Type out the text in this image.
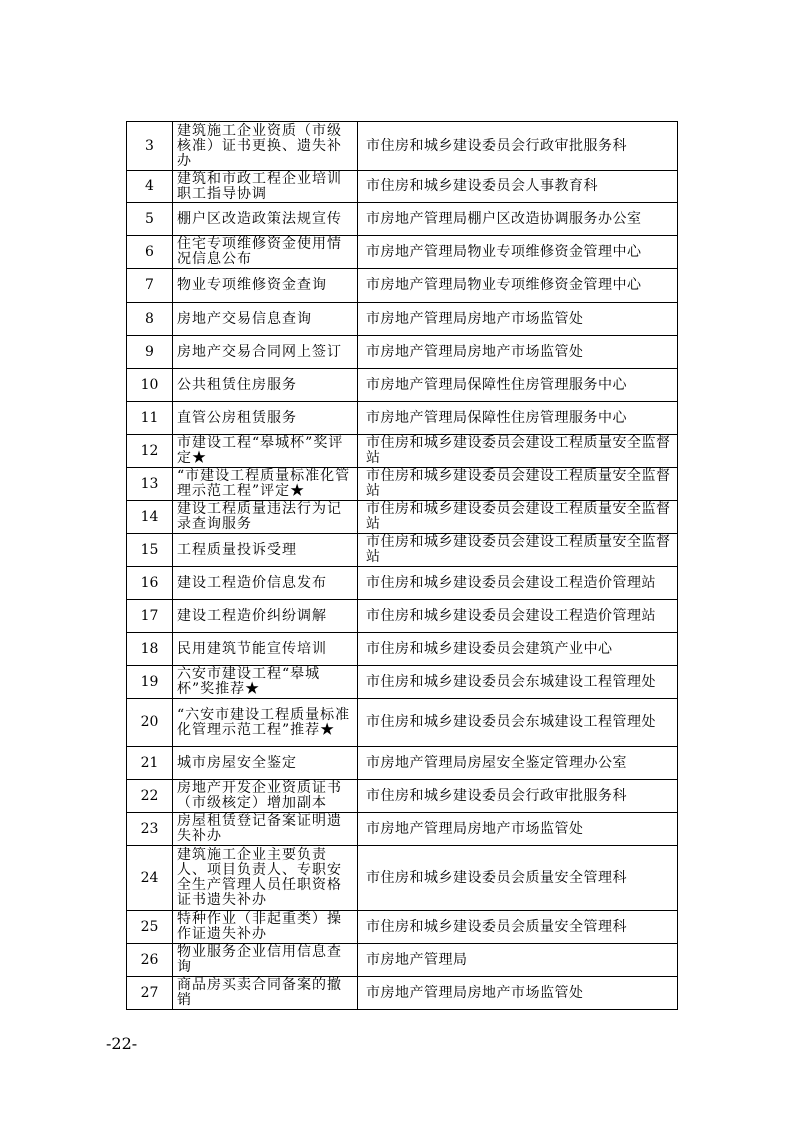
3	建筑施工企业资质（市级核准）证书更换、遗失补办	市住房和城乡建设委员会行政审批服务科
4	建筑和市政工程企业培训职工指导协调	市住房和城乡建设委员会人事教育科
5	棚户区改造政策法规宣传	市房地产管理局棚户区改造协调服务办公室
6	住宅专项维修资金使用情况信息公布	市房地产管理局物业专项维修资金管理中心
7	物业专项维修资金查询	市房地产管理局物业专项维修资金管理中心
8	房地产交易信息查询	市房地产管理局房地产市场监管处
9	房地产交易合同网上签订	市房地产管理局房地产市场监管处
10	公共租赁住房服务	市房地产管理局保障性住房管理服务中心
11	直管公房租赁服务	市房地产管理局保障性住房管理服务中心
12	市建设工程“皋城杯”奖评定★	市住房和城乡建设委员会建设工程质量安全监督站
13	“市建设工程质量标准化管理示范工程”评定★	市住房和城乡建设委员会建设工程质量安全监督站
14	建设工程质量违法行为记录查询服务	市住房和城乡建设委员会建设工程质量安全监督站
15	工程质量投诉受理	市住房和城乡建设委员会建设工程质量安全监督站
16	建设工程造价信息发布	市住房和城乡建设委员会建设工程造价管理站
17	建设工程造价纠纷调解	市住房和城乡建设委员会建设工程造价管理站
18	民用建筑节能宣传培训	市住房和城乡建设委员会建筑产业中心
19	六安市建设工程“皋城杯”奖推荐★	市住房和城乡建设委员会东城建设工程管理处
20	“六安市建设工程质量标准化管理示范工程”推荐★	市住房和城乡建设委员会东城建设工程管理处
21	城市房屋安全鉴定	市房地产管理局房屋安全鉴定管理办公室
22	房地产开发企业资质证书（市级核定）增加副本	市住房和城乡建设委员会行政审批服务科
23	房屋租赁登记备案证明遗失补办	市房地产管理局房地产市场监管处
24	建筑施工企业主要负责人、项目负责人、专职安全生产管理人员任职资格证书遗失补办	市住房和城乡建设委员会质量安全管理科
25	特种作业（非起重类）操作证遗失补办	市住房和城乡建设委员会质量安全管理科
26	物业服务企业信用信息查询	市房地产管理局
27	商品房买卖合同备案的撤销	市房地产管理局房地产市场监管处
-22-
